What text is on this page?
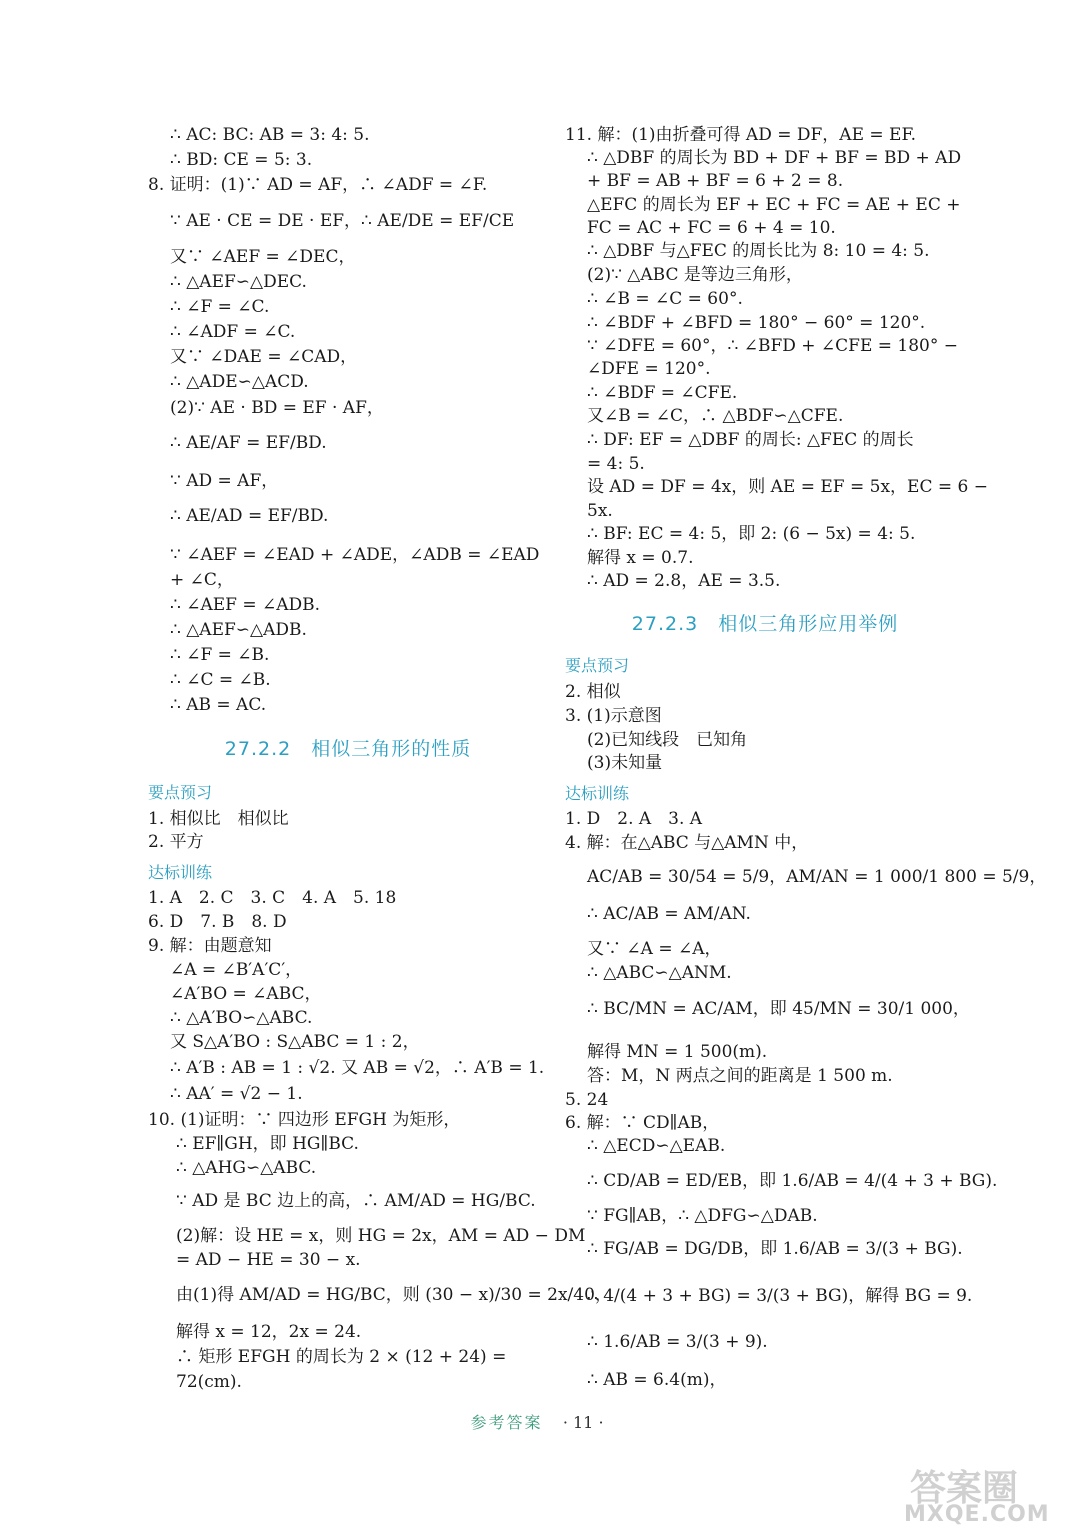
∴ AC: BC: AB = 3: 4: 5.
∴ BD: CE = 5: 3.
8. 证明：(1)∵ AD = AF，∴ ∠ADF = ∠F.
∵ AE · CE = DE · EF，∴ AE/DE = EF/CE
又∵ ∠AEF = ∠DEC，
∴ △AEF∽△DEC.
∴ ∠F = ∠C.
∴ ∠ADF = ∠C.
又∵ ∠DAE = ∠CAD，
∴ △ADE∽△ACD.
(2)∵ AE · BD = EF · AF，
∴ AE/AF = EF/BD.
∵ AD = AF，
∴ AE/AD = EF/BD.
∵ ∠AEF = ∠EAD + ∠ADE，∠ADB = ∠EAD
+ ∠C，
∴ ∠AEF = ∠ADB.
∴ △AEF∽△ADB.
∴ ∠F = ∠B.
∴ ∠C = ∠B.
∴ AB = AC.
27.2.2　相似三角形的性质
要点预习
1. 相似比　相似比
2. 平方
达标训练
1. A　2. C　3. C　4. A　5. 18
6. D　7. B　8. D
9. 解：由题意知
∠A = ∠B′A′C′，
∠A′BO = ∠ABC，
∴ △A′BO∽△ABC.
又 S△A′BO : S△ABC = 1 : 2，
∴ A′B : AB = 1 : √2. 又 AB = √2，∴ A′B = 1.
∴ AA′ = √2 − 1.
10. (1)证明：∵ 四边形 EFGH 为矩形，
∴ EF∥GH，即 HG∥BC.
∴ △AHG∽△ABC.
∵ AD 是 BC 边上的高，∴ AM/AD = HG/BC.
(2)解：设 HE = x，则 HG = 2x，AM = AD − DM
= AD − HE = 30 − x.
由(1)得 AM/AD = HG/BC，则 (30 − x)/30 = 2x/40，
解得 x = 12，2x = 24.
∴ 矩形 EFGH 的周长为 2 × (12 + 24) =
72(cm).
11. 解：(1)由折叠可得 AD = DF，AE = EF.
∴ △DBF 的周长为 BD + DF + BF = BD + AD
+ BF = AB + BF = 6 + 2 = 8.
△EFC 的周长为 EF + EC + FC = AE + EC +
FC = AC + FC = 6 + 4 = 10.
∴ △DBF 与△FEC 的周长比为 8: 10 = 4: 5.
(2)∵ △ABC 是等边三角形，
∴ ∠B = ∠C = 60°.
∴ ∠BDF + ∠BFD = 180° − 60° = 120°.
∵ ∠DFE = 60°，∴ ∠BFD + ∠CFE = 180° −
∠DFE = 120°.
∴ ∠BDF = ∠CFE.
又∠B = ∠C，∴ △BDF∽△CFE.
∴ DF: EF = △DBF 的周长: △FEC 的周长
= 4: 5.
设 AD = DF = 4x，则 AE = EF = 5x，EC = 6 −
5x.
∴ BF: EC = 4: 5，即 2: (6 − 5x) = 4: 5.
解得 x = 0.7.
∴ AD = 2.8，AE = 3.5.
27.2.3　相似三角形应用举例
要点预习
2. 相似
3. (1)示意图
(2)已知线段　已知角
(3)未知量
达标训练
1. D　2. A　3. A
4. 解：在△ABC 与△AMN 中，
AC/AB = 30/54 = 5/9，AM/AN = 1 000/1 800 = 5/9，
∴ AC/AB = AM/AN.
又∵ ∠A = ∠A，
∴ △ABC∽△ANM.
∴ BC/MN = AC/AM，即 45/MN = 30/1 000，
解得 MN = 1 500(m).
答：M，N 两点之间的距离是 1 500 m.
5. 24
6. 解：∵ CD∥AB，
∴ △ECD∽△EAB.
∴ CD/AB = ED/EB，即 1.6/AB = 4/(4 + 3 + BG).
∵ FG∥AB，∴ △DFG∽△DAB.
∴ FG/AB = DG/DB，即 1.6/AB = 3/(3 + BG).
∴ 4/(4 + 3 + BG) = 3/(3 + BG)，解得 BG = 9.
∴ 1.6/AB = 3/(3 + 9).
∴ AB = 6.4(m)，
参考答案 · 11 ·
答案圈
MXQE.COM
